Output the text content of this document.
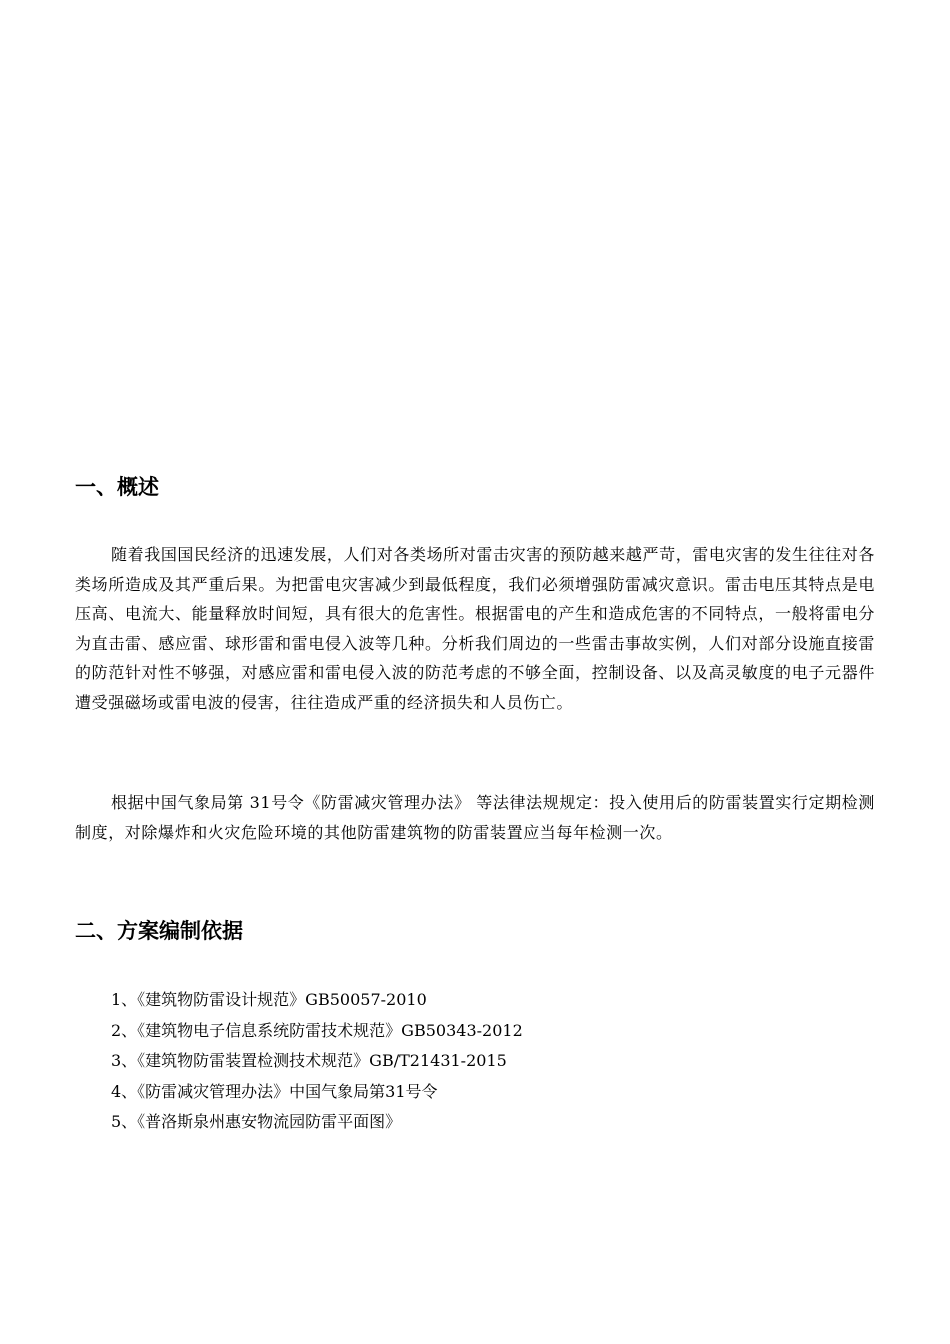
一、概述

随着我国国民经济的迅速发展，人们对各类场所对雷击灾害的预防越来越严苛，雷电灾害的发生往往对各类场所造成及其严重后果。为把雷电灾害减少到最低程度，我们必须增强防雷减灾意识。雷击电压其特点是电压高、电流大、能量释放时间短，具有很大的危害性。根据雷电的产生和造成危害的不同特点，一般将雷电分为直击雷、感应雷、球形雷和雷电侵入波等几种。分析我们周边的一些雷击事故实例，人们对部分设施直接雷的防范针对性不够强，对感应雷和雷电侵入波的防范考虑的不够全面，控制设备、以及高灵敏度的电子元器件遭受强磁场或雷电波的侵害，往往造成严重的经济损失和人员伤亡。

根据中国气象局第 31号令《防雷减灾管理办法》 等法律法规规定：投入使用后的防雷装置实行定期检测制度，对除爆炸和火灾危险环境的其他防雷建筑物的防雷装置应当每年检测一次。

二、方案编制依据
1、《建筑物防雷设计规范》GB50057-2010
2、《建筑物电子信息系统防雷技术规范》GB50343-2012
3、《建筑物防雷装置检测技术规范》GB/T21431-2015
4、《防雷减灾管理办法》中国气象局第31号令
5、《普洛斯泉州惠安物流园防雷平面图》
